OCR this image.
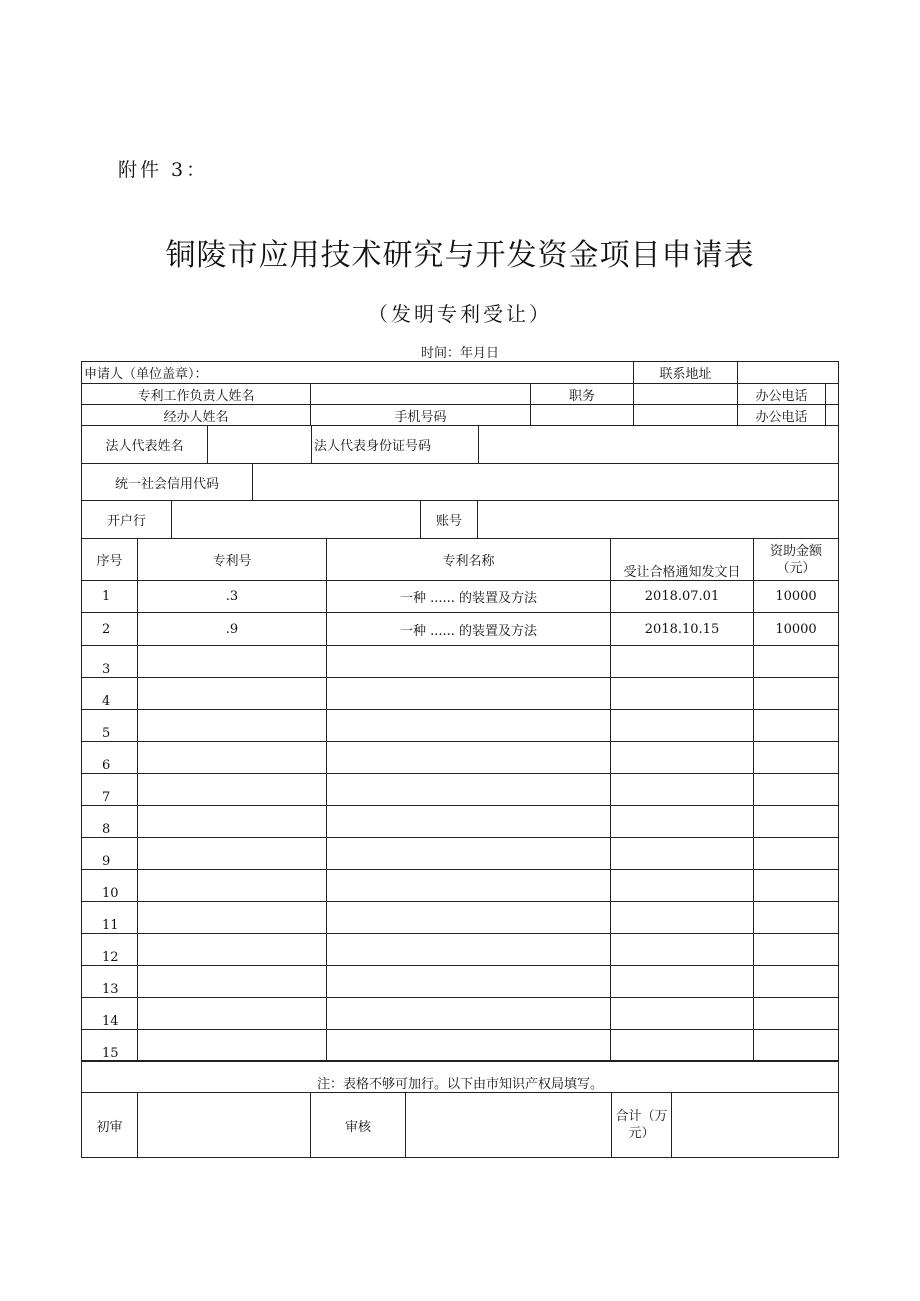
附件 3：
铜陵市应用技术研究与开发资金项目申请表
（发明专利受让）
时间：年月日
申请人（单位盖章）：			联系地址		
专利工作负责人姓名		职务		办公电话	
经办人姓名	手机号码			办公电话	
法人代表姓名		法人代表身份证号码	
统一社会信用代码	
开户行		账号	
序号	专利号	专利名称	受让合格通知发文日	资助金额（元）
1	.3	一种 ...... 的装置及方法	2018.07.01	10000
2	.9	一种 ...... 的装置及方法	2018.10.15	10000
3				
4				
5				
6				
7				
8				
9				
10				
11				
12				
13				
14				
15				
注：表格不够可加行。以下由市知识产权局填写。
初审		审核		合计（万元）	
